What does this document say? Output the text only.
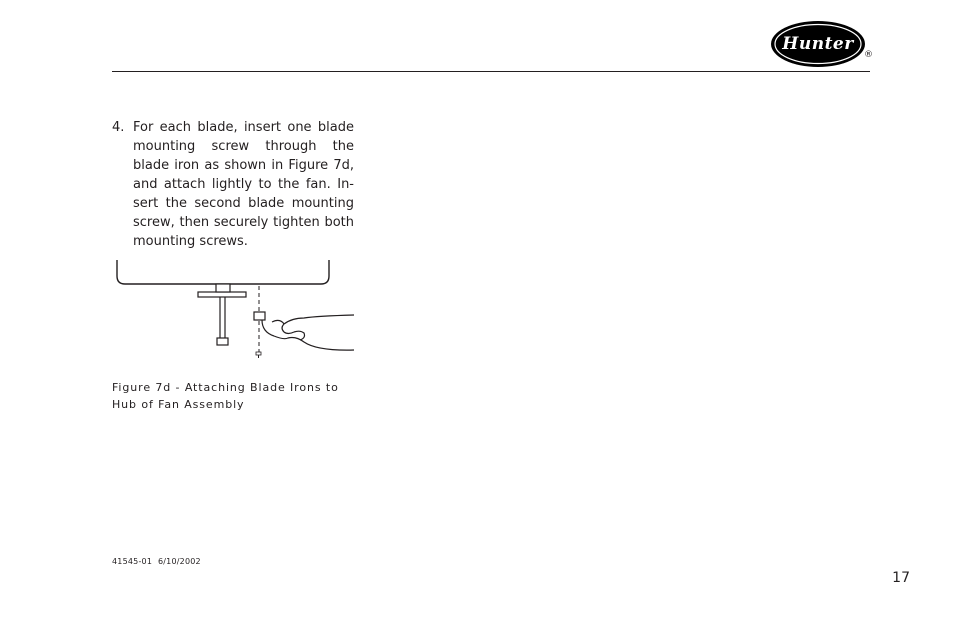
Hunter
®
4. For each blade, insert one blade mounting screw through the blade iron as shown in Figure 7d, and attach lightly to the fan. In- sert the second blade mounting screw, then securely tighten both mounting screws.
Figure 7d - Attaching Blade Irons to Hub of Fan Assembly
41545-01 6/10/2002
17
